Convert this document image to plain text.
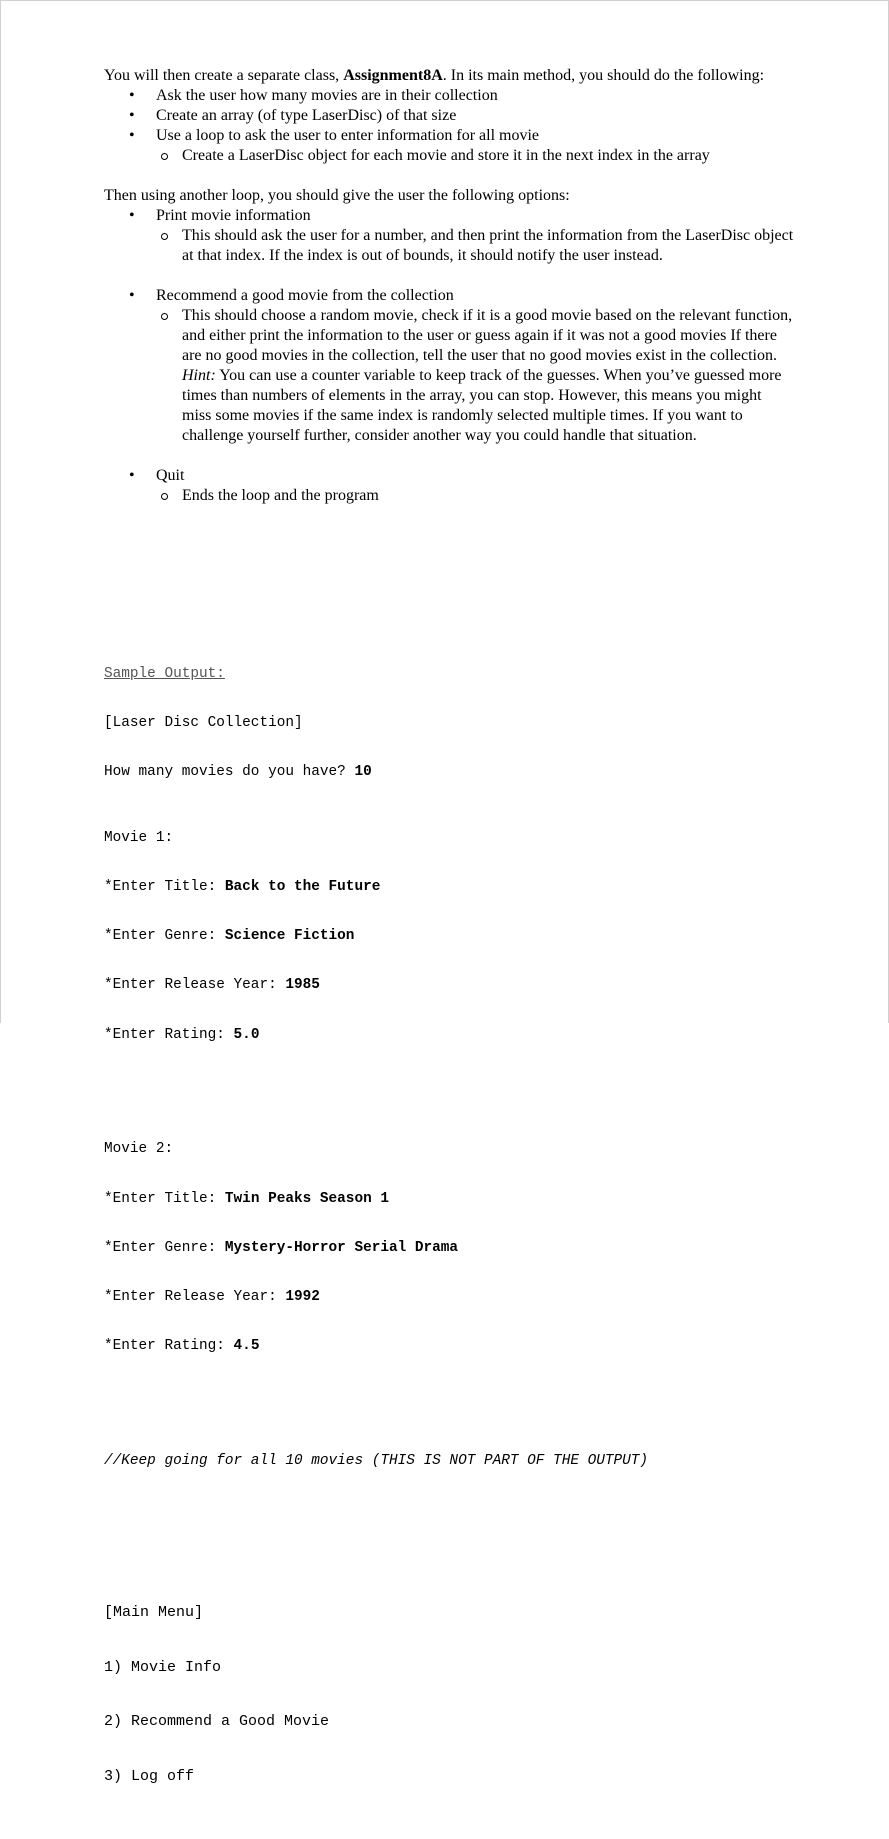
You will then create a separate class, Assignment8A. In its main method, you should do the following:

• Ask the user how many movies are in their collection
• Create an array (of type LaserDisc) of that size
• Use a loop to ask the user to enter information for all movie
Create a LaserDisc object for each movie and store it in the next index in the array

Then using another loop, you should give the user the following options:

• Print movie information
This should ask the user for a number, and then print the information from the LaserDisc object at that index. If the index is out of bounds, it should notify the user instead.
• Recommend a good movie from the collection
This should choose a random movie, check if it is a good movie based on the relevant function, and either print the information to the user or guess again if it was not a good movies If there are no good movies in the collection, tell the user that no good movies exist in the collection.
Hint: You can use a counter variable to keep track of the guesses. When you’ve guessed more times than numbers of elements in the array, you can stop. However, this means you might miss some movies if the same index is randomly selected multiple times. If you want to challenge yourself further, consider another way you could handle that situation.
• Quit
Ends the loop and the program

Sample Output:

[Laser Disc Collection]

How many movies do you have? 10

Movie 1:

*Enter Title: Back to the Future

*Enter Genre: Science Fiction

*Enter Release Year: 1985

*Enter Rating: 5.0

Movie 2:

*Enter Title: Twin Peaks Season 1

*Enter Genre: Mystery-Horror Serial Drama

*Enter Release Year: 1992

*Enter Rating: 4.5

//Keep going for all 10 movies (THIS IS NOT PART OF THE OUTPUT)

[Main Menu]

1) Movie Info

2) Recommend a Good Movie

3) Log off
